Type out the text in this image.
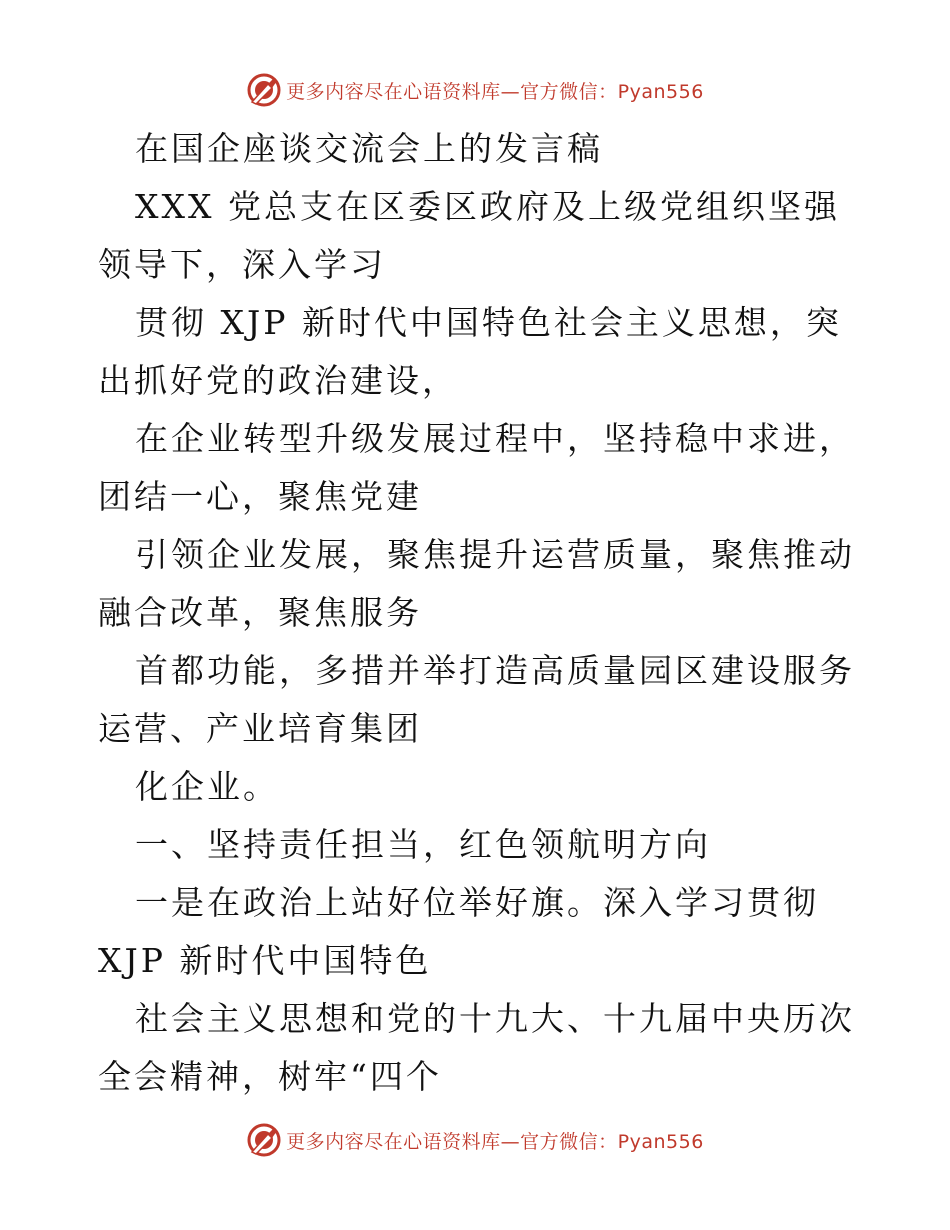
更多内容尽在心语资料库—官方微信：Pyan556

在国企座谈交流会上的发言稿

XXX 党总支在区委区政府及上级党组织坚强领导下，深入学习

贯彻 XJP 新时代中国特色社会主义思想，突出抓好党的政治建设，

在企业转型升级发展过程中，坚持稳中求进，团结一心，聚焦党建

引领企业发展，聚焦提升运营质量，聚焦推动融合改革，聚焦服务

首都功能，多措并举打造高质量园区建设服务运营、产业培育集团

化企业。

一、坚持责任担当，红色领航明方向

一是在政治上站好位举好旗。深入学习贯彻 XJP 新时代中国特色

社会主义思想和党的十九大、十九届中央历次全会精神，树牢“四个

更多内容尽在心语资料库—官方微信：Pyan556
